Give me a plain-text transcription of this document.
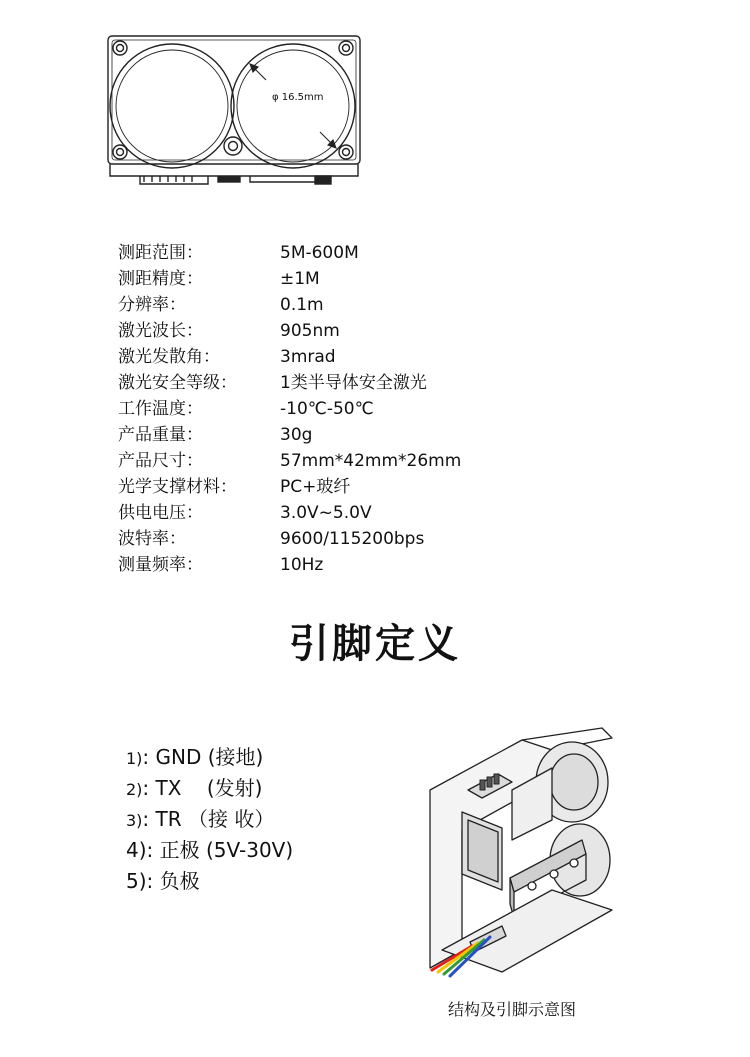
φ 16.5mm
测距范围：	5M-600M
测距精度：	±1M
分辨率：	0.1m
激光波长：	905nm
激光发散角：	3mrad
激光安全等级：	1类半导体安全激光
工作温度：	-10℃-50℃
产品重量：	30g
产品尺寸：	57mm*42mm*26mm
光学支撑材料：	PC+玻纤
供电电压：	3.0V~5.0V
波特率：	9600/115200bps
测量频率：	10Hz
引脚定义
1): GND (接地)
2): TX    (发射)
3): TR （接 收）
4): 正极 (5V-30V)
5): 负极
结构及引脚示意图
